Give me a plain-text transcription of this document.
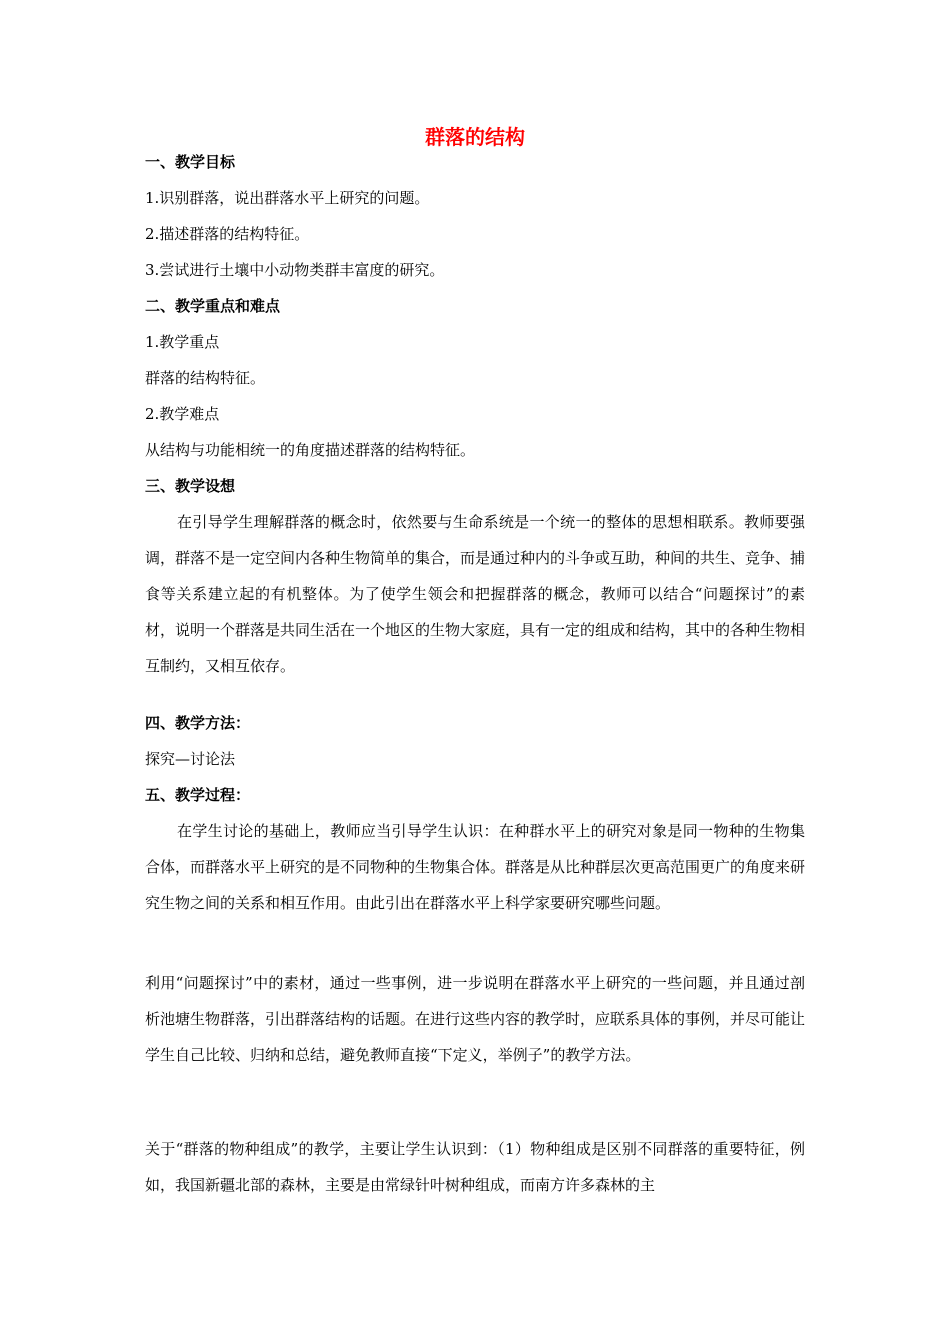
群落的结构
一、教学目标
1.识别群落，说出群落水平上研究的问题。
2.描述群落的结构特征。
3.尝试进行土壤中小动物类群丰富度的研究。
二、教学重点和难点
1.教学重点
群落的结构特征。
2.教学难点
从结构与功能相统一的角度描述群落的结构特征。
三、教学设想
在引导学生理解群落的概念时，依然要与生命系统是一个统一的整体的思想相联系。教师要强调，群落不是一定空间内各种生物简单的集合，而是通过种内的斗争或互助，种间的共生、竞争、捕食等关系建立起的有机整体。为了使学生领会和把握群落的概念，教师可以结合“问题探讨”的素材，说明一个群落是共同生活在一个地区的生物大家庭，具有一定的组成和结构，其中的各种生物相互制约，又相互依存。
四、教学方法：
探究—讨论法
五、教学过程：
在学生讨论的基础上，教师应当引导学生认识：在种群水平上的研究对象是同一物种的生物集合体，而群落水平上研究的是不同物种的生物集合体。群落是从比种群层次更高范围更广的角度来研究生物之间的关系和相互作用。由此引出在群落水平上科学家要研究哪些问题。
利用“问题探讨”中的素材，通过一些事例，进一步说明在群落水平上研究的一些问题，并且通过剖析池塘生物群落，引出群落结构的话题。在进行这些内容的教学时，应联系具体的事例，并尽可能让学生自己比较、归纳和总结，避免教师直接“下定义，举例子”的教学方法。
关于“群落的物种组成”的教学，主要让学生认识到：（1）物种组成是区别不同群落的重要特征，例如，我国新疆北部的森林，主要是由常绿针叶树种组成，而南方许多森林的主
